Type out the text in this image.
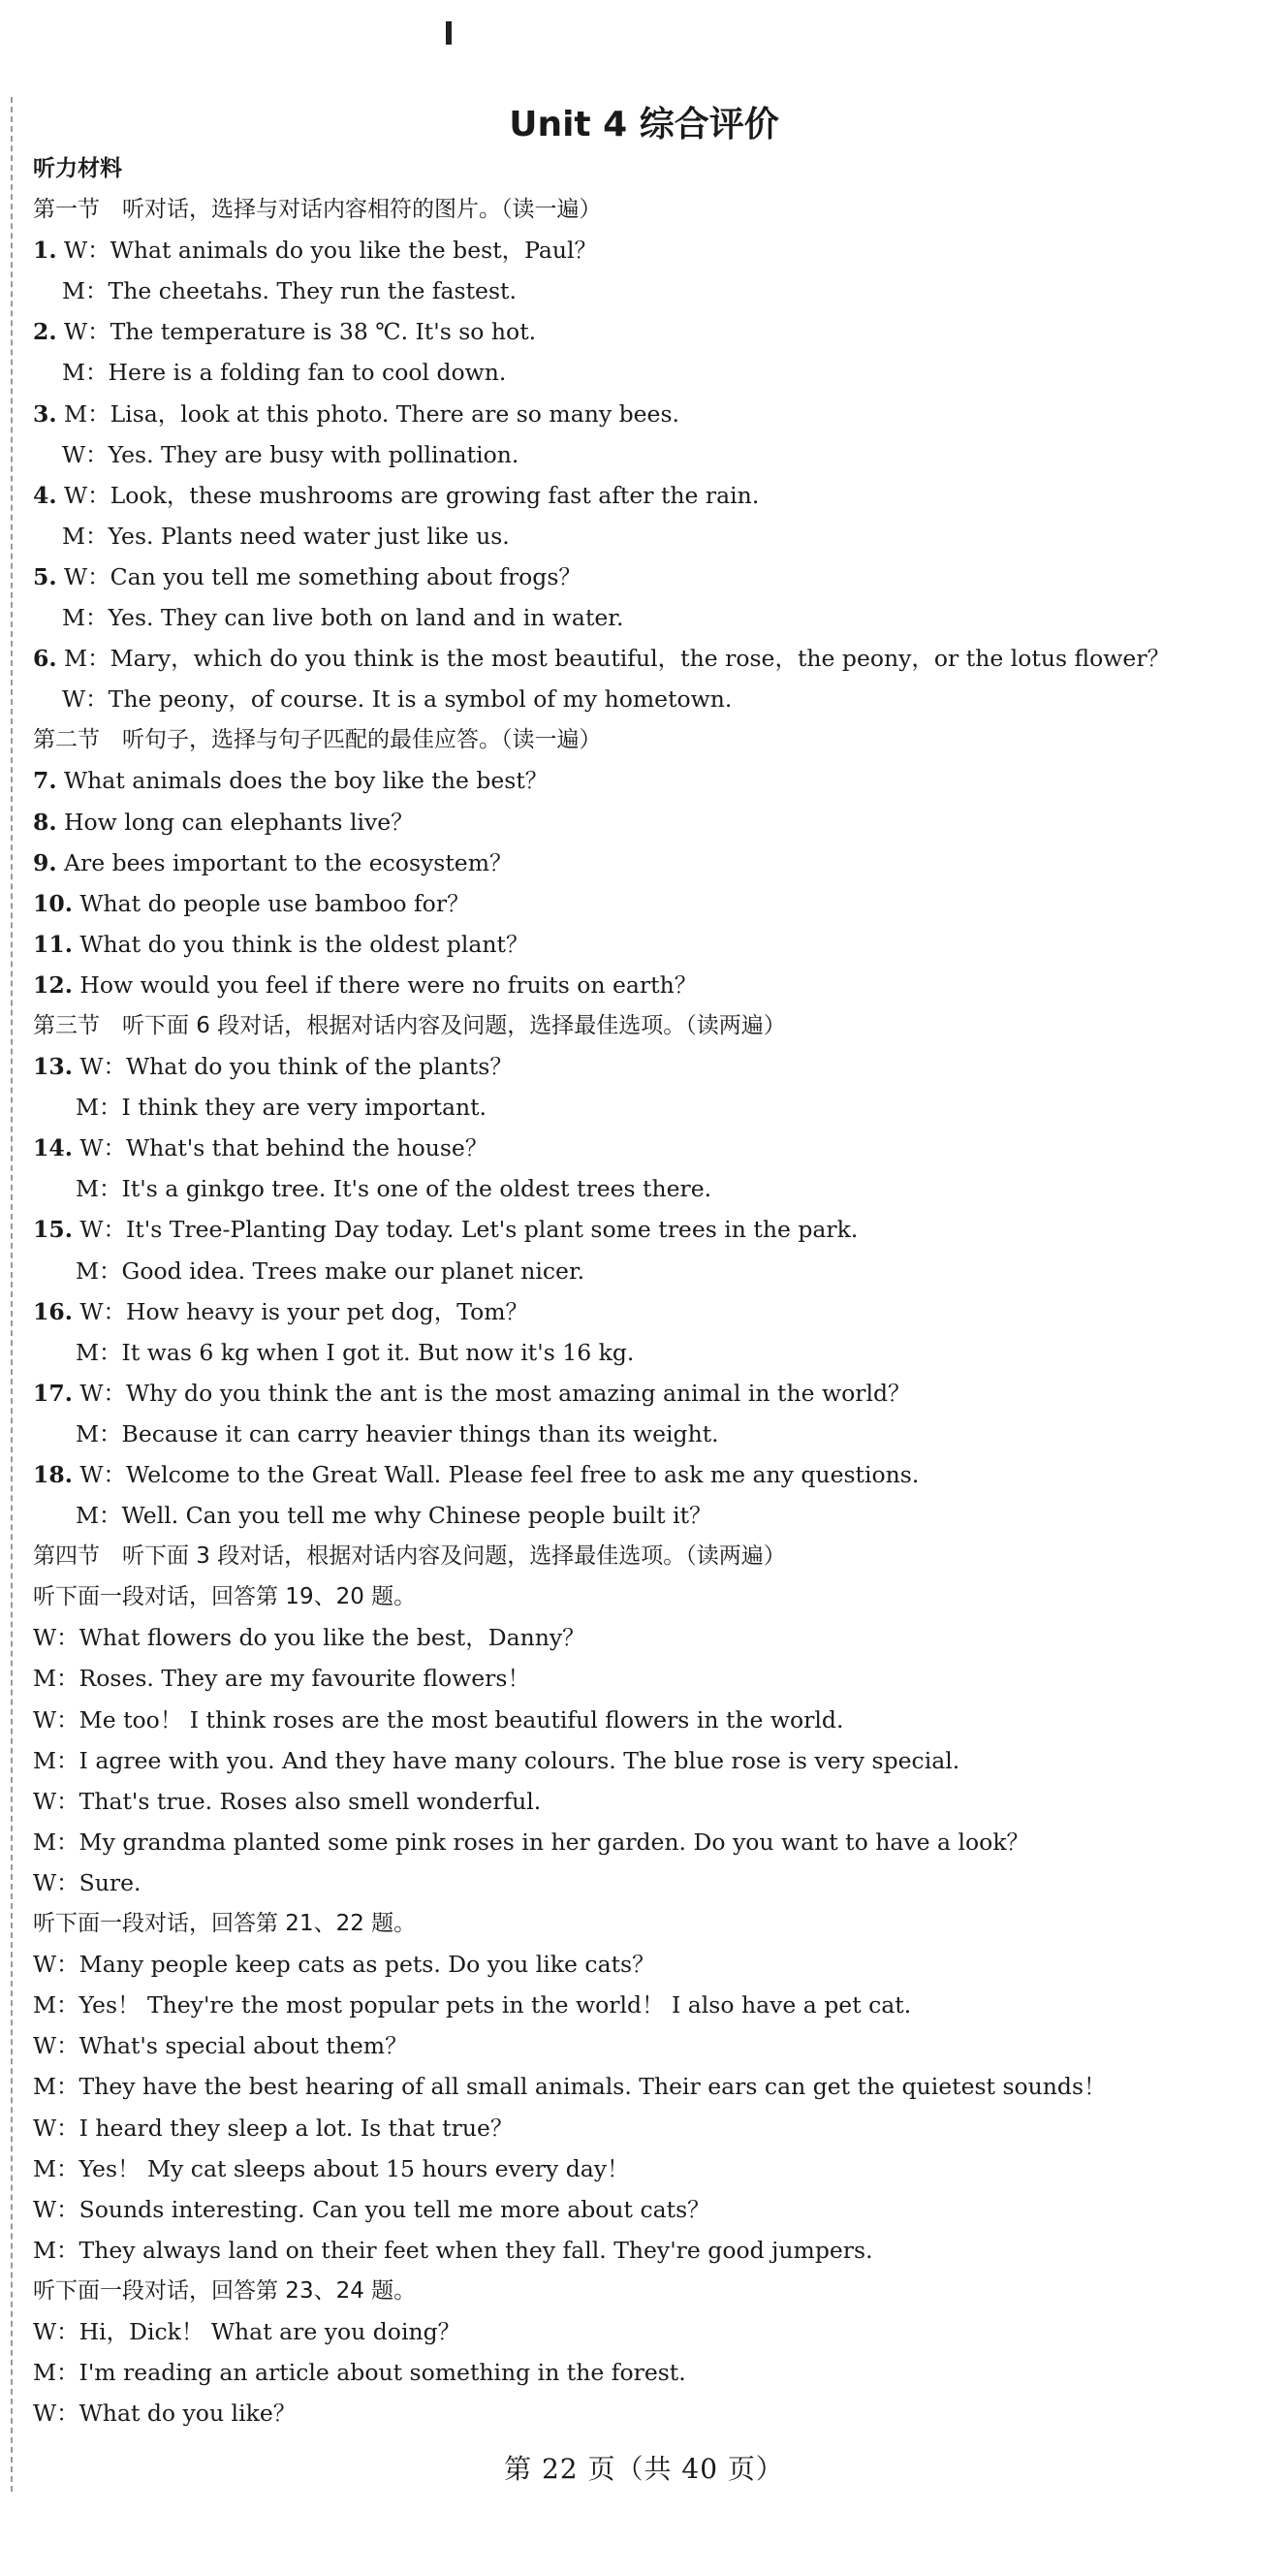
Unit 4 综合评价
听力材料
第一节　听对话，选择与对话内容相符的图片。（读一遍）
1. W：What animals do you like the best，Paul？
M：The cheetahs. They run the fastest.
2. W：The temperature is 38 ℃. It's so hot.
M：Here is a folding fan to cool down.
3. M：Lisa，look at this photo. There are so many bees.
W：Yes. They are busy with pollination.
4. W：Look，these mushrooms are growing fast after the rain.
M：Yes. Plants need water just like us.
5. W：Can you tell me something about frogs？
M：Yes. They can live both on land and in water.
6. M：Mary，which do you think is the most beautiful，the rose，the peony，or the lotus flower？
W：The peony，of course. It is a symbol of my hometown.
第二节　听句子，选择与句子匹配的最佳应答。（读一遍）
7. What animals does the boy like the best？
8. How long can elephants live？
9. Are bees important to the ecosystem？
10. What do people use bamboo for？
11. What do you think is the oldest plant？
12. How would you feel if there were no fruits on earth？
第三节　听下面 6 段对话，根据对话内容及问题，选择最佳选项。（读两遍）
13. W：What do you think of the plants？
M：I think they are very important.
14. W：What's that behind the house？
M：It's a ginkgo tree. It's one of the oldest trees there.
15. W：It's Tree-Planting Day today. Let's plant some trees in the park.
M：Good idea. Trees make our planet nicer.
16. W：How heavy is your pet dog，Tom？
M：It was 6 kg when I got it. But now it's 16 kg.
17. W：Why do you think the ant is the most amazing animal in the world？
M：Because it can carry heavier things than its weight.
18. W：Welcome to the Great Wall. Please feel free to ask me any questions.
M：Well. Can you tell me why Chinese people built it？
第四节　听下面 3 段对话，根据对话内容及问题，选择最佳选项。（读两遍）
听下面一段对话，回答第 19、20 题。
W：What flowers do you like the best，Danny？
M：Roses. They are my favourite flowers！
W：Me too！ I think roses are the most beautiful flowers in the world.
M：I agree with you. And they have many colours. The blue rose is very special.
W：That's true. Roses also smell wonderful.
M：My grandma planted some pink roses in her garden. Do you want to have a look？
W：Sure.
听下面一段对话，回答第 21、22 题。
W：Many people keep cats as pets. Do you like cats？
M：Yes！ They're the most popular pets in the world！ I also have a pet cat.
W：What's special about them？
M：They have the best hearing of all small animals. Their ears can get the quietest sounds！
W：I heard they sleep a lot. Is that true？
M：Yes！ My cat sleeps about 15 hours every day！
W：Sounds interesting. Can you tell me more about cats？
M：They always land on their feet when they fall. They're good jumpers.
听下面一段对话，回答第 23、24 题。
W：Hi，Dick！ What are you doing？
M：I'm reading an article about something in the forest.
W：What do you like？
第 22 页（共 40 页）
